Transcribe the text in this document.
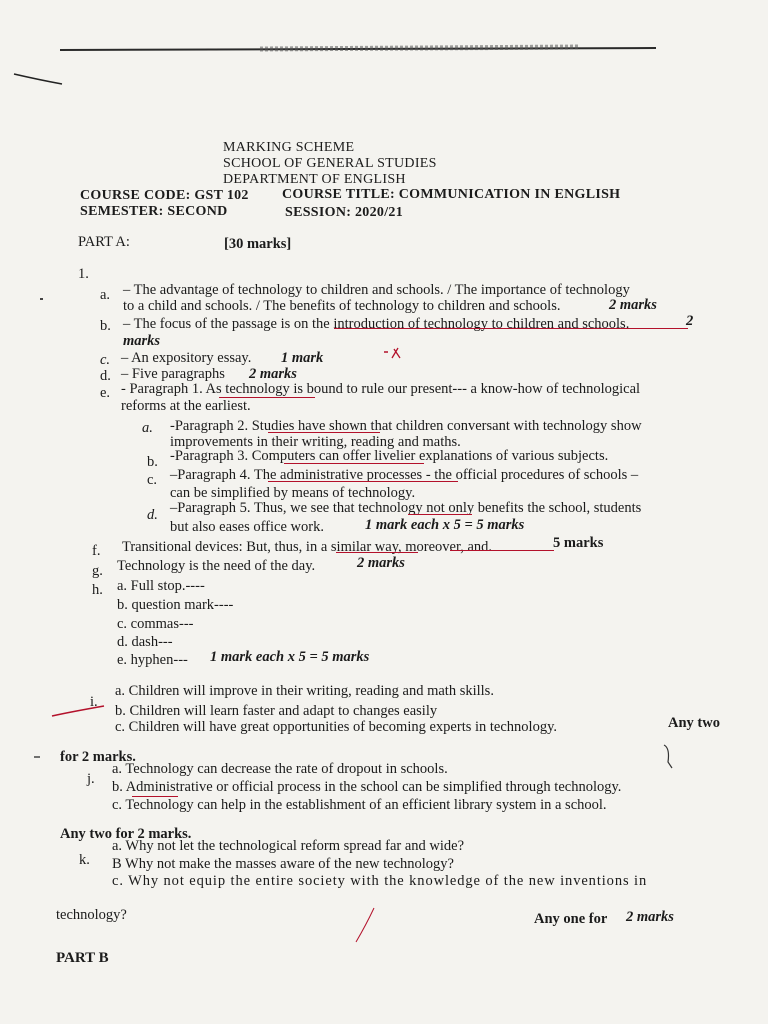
MARKING SCHEME
SCHOOL OF GENERAL STUDIES
DEPARTMENT OF ENGLISH
COURSE CODE: GST 102 COURSE TITLE: COMMUNICATION IN ENGLISH
SEMESTER: SECOND	SESSION: 2020/21
PART A:	[30 marks]
1.
a. – The advantage of technology to children and schools. / The importance of technology
to a child and schools. / The benefits of technology to children and schools.	2 marks
b. – The focus of the passage is on the introduction of technology to children and schools.	2
marks
c. – An expository essay. 1 mark
d. – Five paragraphs 2 marks
e. - Paragraph 1. As technology is bound to rule our present--- a know-how of technological
reforms at the earliest.
a. -Paragraph 2. Studies have shown that children conversant with technology show
improvements in their writing, reading and maths.
b. -Paragraph 3. Computers can offer livelier explanations of various subjects.
c. –Paragraph 4. The administrative processes - the official procedures of schools –
can be simplified by means of technology.
d. –Paragraph 5. Thus, we see that technology not only benefits the school, students
but also eases office work.	1 mark each x 5 = 5 marks
f. Transitional devices: But, thus, in a similar way, moreover, and.	5 marks
g. Technology is the need of the day.	2 marks
h. a. Full stop.----
b. question mark----
c. commas---
d. dash---
e. hyphen--- 1 mark each x 5 = 5 marks
i.
a. Children will improve in their writing, reading and math skills.
b. Children will learn faster and adapt to changes easily
c. Children will have great opportunities of becoming experts in technology.	Any two
for 2 marks.
j.
a. Technology can decrease the rate of dropout in schools.
b. Administrative or official process in the school can be simplified through technology.
c. Technology can help in the establishment of an efficient library system in a school.
Any two for 2 marks.
k.
a. Why not let the technological reform spread far and wide?
B Why not make the masses aware of the new technology?
c. Why not equip the entire society with the knowledge of the new inventions in
technology?	Any one for 2 marks
PART B
